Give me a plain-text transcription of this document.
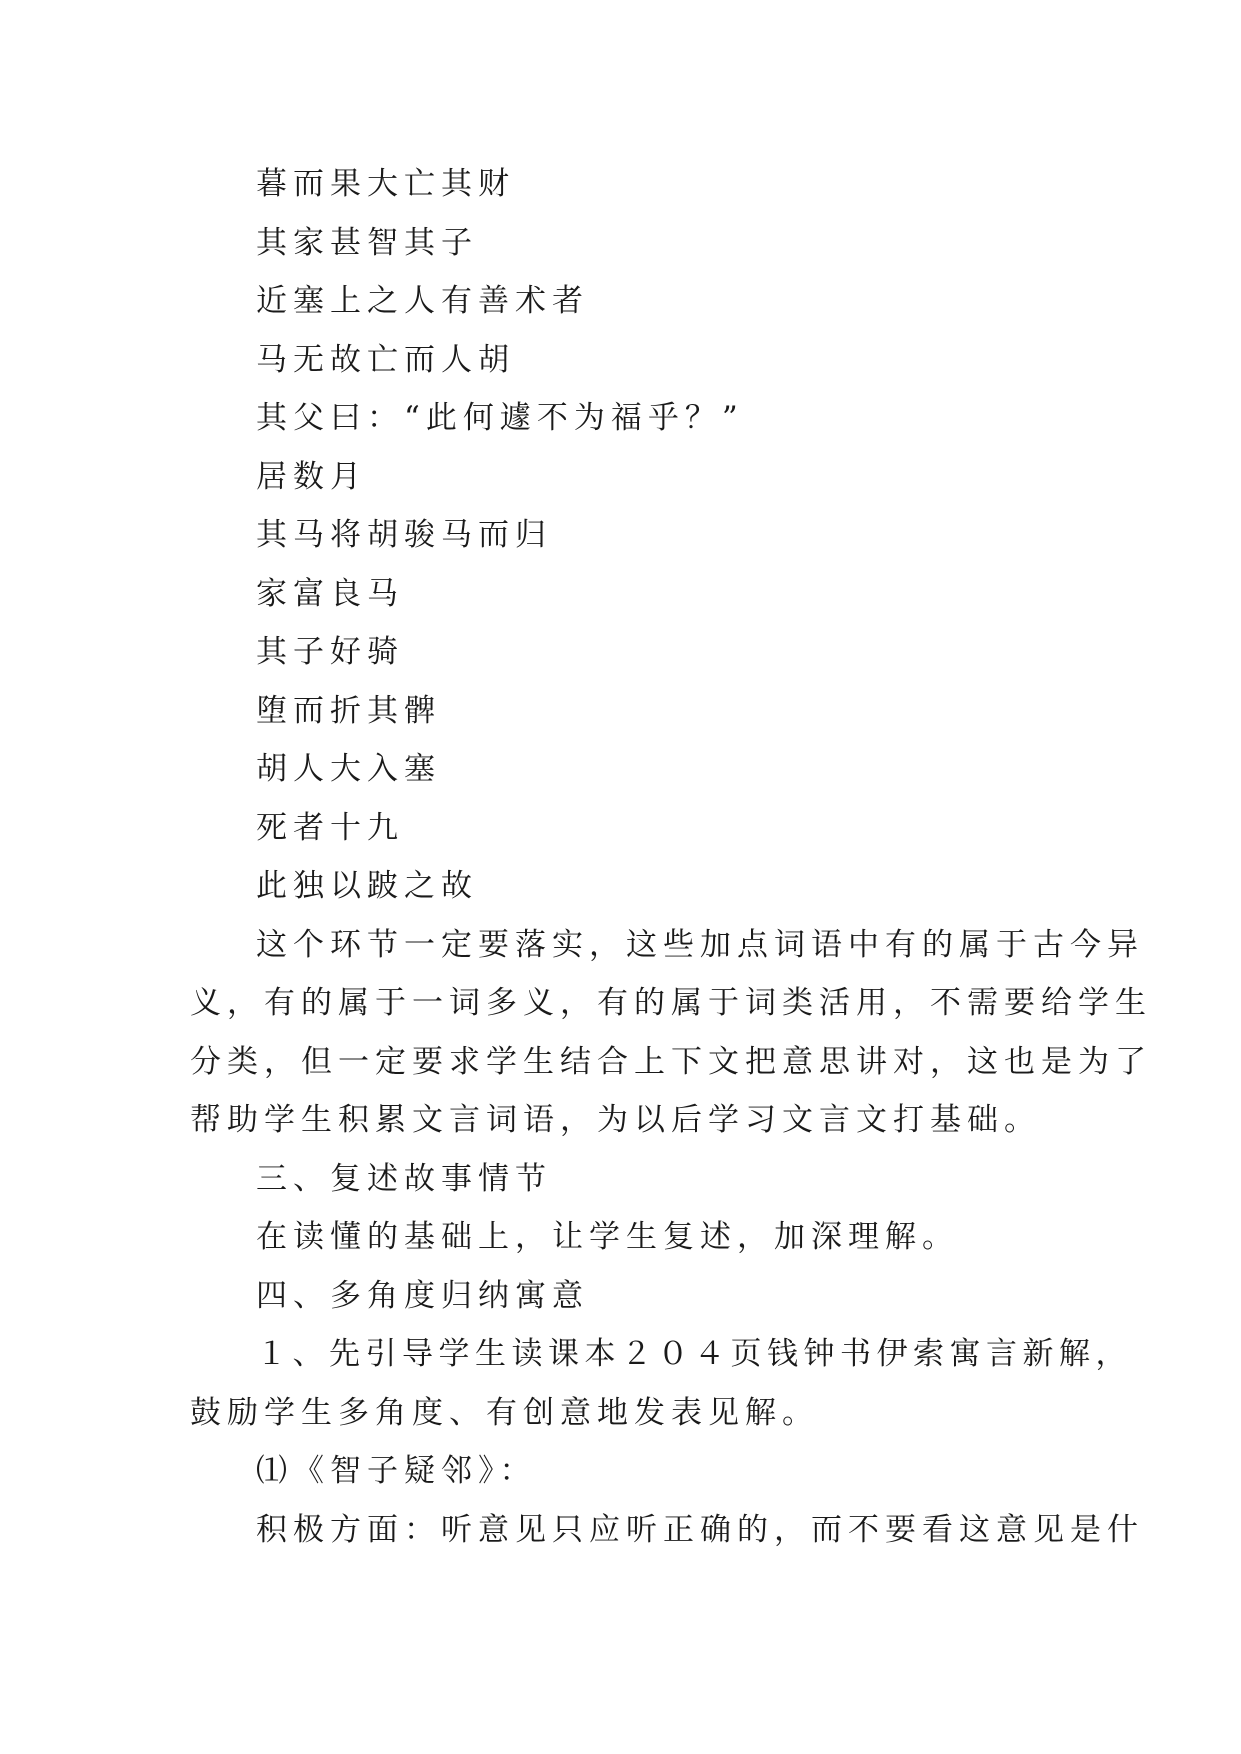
暮而果大亡其财
其家甚智其子
近塞上之人有善术者
马无故亡而人胡
其父曰：“此何遽不为福乎？”
居数月
其马将胡骏马而归
家富良马
其子好骑
堕而折其髀
胡人大入塞
死者十九
此独以跛之故
这个环节一定要落实，这些加点词语中有的属于古今异
义，有的属于一词多义，有的属于词类活用，不需要给学生
分类，但一定要求学生结合上下文把意思讲对，这也是为了
帮助学生积累文言词语，为以后学习文言文打基础。
三、复述故事情节
在读懂的基础上，让学生复述，加深理解。
四、多角度归纳寓意
１、先引导学生读课本２０４页钱钟书伊索寓言新解，
鼓励学生多角度、有创意地发表见解。
⑴《智子疑邻》：
积极方面：听意见只应听正确的，而不要看这意见是什
